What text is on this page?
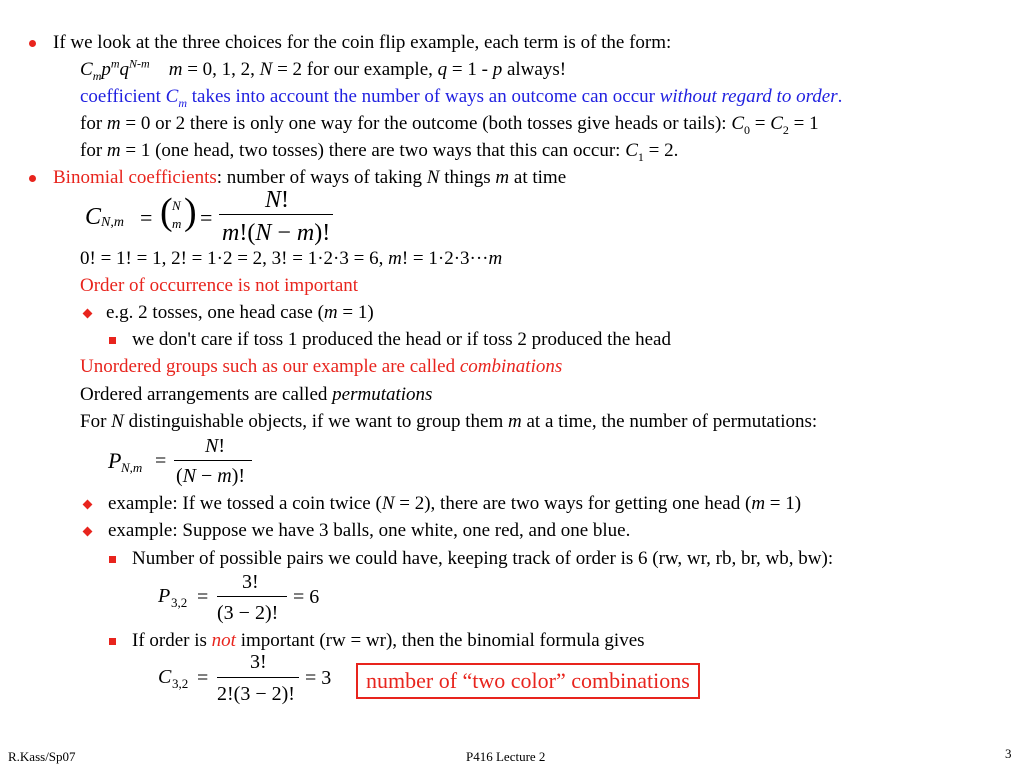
If we look at the three choices for the coin flip example, each term is of the form:
$C_mp^mq^{N-m}$ m = 0, 1, 2, N = 2 for our example, q = 1 - p always!
coefficient $C_m$ takes into account the number of ways an outcome can occur without regard to order.
for m = 0 or 2 there is only one way for the outcome (both tosses give heads or tails): $C_0 = C_2 = 1$
for m = 1 (one head, two tosses) there are two ways that this can occur: $C_1 = 2$.
Binomial coefficients: number of ways of taking N things m at time
C N,m = ( N
m ) =
N!
m!(N − m)!
0! = 1! = 1, 2! = 1·2 = 2, 3! = 1·2·3 = 6, m! = 1·2·3···m
Order of occurrence is not important
e.g. 2 tosses, one head case (m = 1)
we don't care if toss 1 produced the head or if toss 2 produced the head
Unordered groups such as our example are called combinations
Ordered arrangements are called permutations
For N distinguishable objects, if we want to group them m at a time, the number of permutations:
P N,m =
N!
(N − m)!
example: If we tossed a coin twice (N = 2), there are two ways for getting one head (m = 1)
example: Suppose we have 3 balls, one white, one red, and one blue.
Number of possible pairs we could have, keeping track of order is 6 (rw, wr, rb, br, wb, bw):
P 3,2 =
3!
(3 − 2)!
= 6
If order is not important (rw = wr), then the binomial formula gives
C 3,2 =
3!
2!(3 − 2)!
= 3	number of “two color” combinations
R.Kass/Sp07	P416 Lecture 2	3
